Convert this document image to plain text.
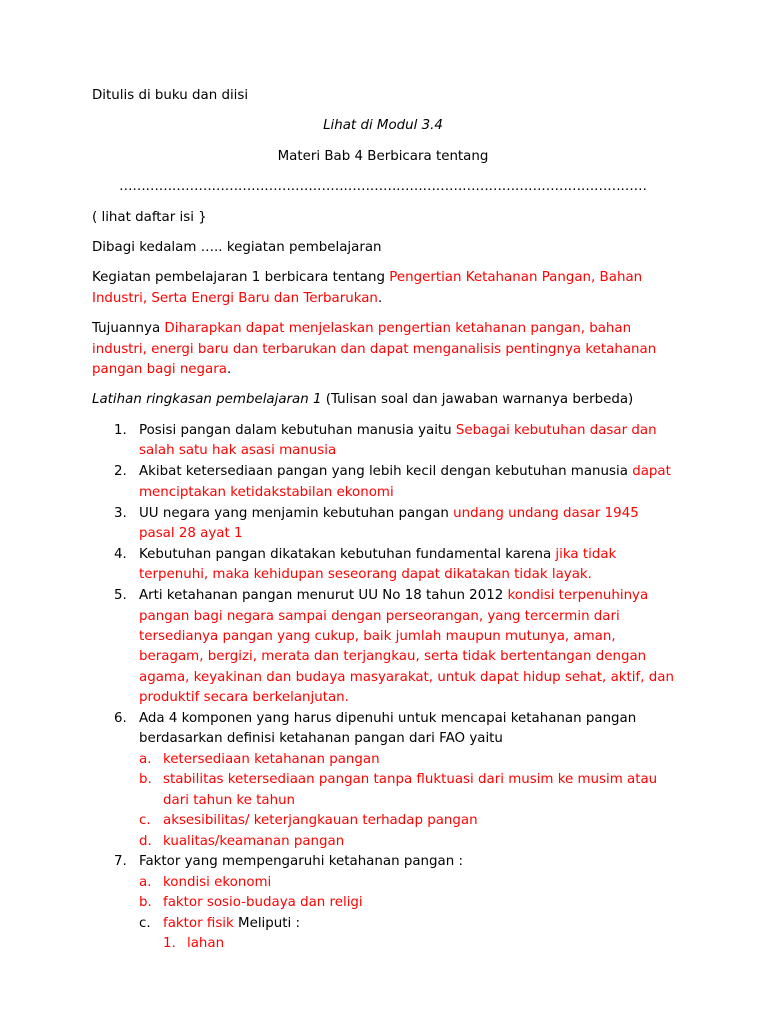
Ditulis di buku dan diisi

Lihat di Modul 3.4

Materi Bab 4 Berbicara tentang

…………………………………………………………………………………………………………

( lihat daftar isi }

Dibagi kedalam ….. kegiatan pembelajaran

Kegiatan pembelajaran 1 berbicara tentang Pengertian Ketahanan Pangan, Bahan Industri, Serta Energi Baru dan Terbarukan.

Tujuannya Diharapkan dapat menjelaskan pengertian ketahanan pangan, bahan industri, energi baru dan terbarukan dan dapat menganalisis pentingnya ketahanan pangan bagi negara.

Latihan ringkasan pembelajaran 1 (Tulisan soal dan jawaban warnanya berbeda)

1. Posisi pangan dalam kebutuhan manusia yaitu Sebagai kebutuhan dasar dan salah satu hak asasi manusia
2. Akibat ketersediaan pangan yang lebih kecil dengan kebutuhan manusia dapat menciptakan ketidakstabilan ekonomi
3. UU negara yang menjamin kebutuhan pangan undang undang dasar 1945 pasal 28 ayat 1
4. Kebutuhan pangan dikatakan kebutuhan fundamental karena jika tidak terpenuhi, maka kehidupan seseorang dapat dikatakan tidak layak.
5. Arti ketahanan pangan menurut UU No 18 tahun 2012 kondisi terpenuhinya pangan bagi negara sampai dengan perseorangan, yang tercermin dari tersedianya pangan yang cukup, baik jumlah maupun mutunya, aman, beragam, bergizi, merata dan terjangkau, serta tidak bertentangan dengan agama, keyakinan dan budaya masyarakat, untuk dapat hidup sehat, aktif, dan produktif secara berkelanjutan.
6. Ada 4 komponen yang harus dipenuhi untuk mencapai ketahanan pangan berdasarkan definisi ketahanan pangan dari FAO yaitu
a. ketersediaan ketahanan pangan
b. stabilitas ketersediaan pangan tanpa fluktuasi dari musim ke musim atau dari tahun ke tahun
c. aksesibilitas/ keterjangkauan terhadap pangan
d. kualitas/keamanan pangan
7. Faktor yang mempengaruhi ketahanan pangan :
a. kondisi ekonomi
b. faktor sosio-budaya dan religi
c. faktor fisik Meliputi :
1. lahan
